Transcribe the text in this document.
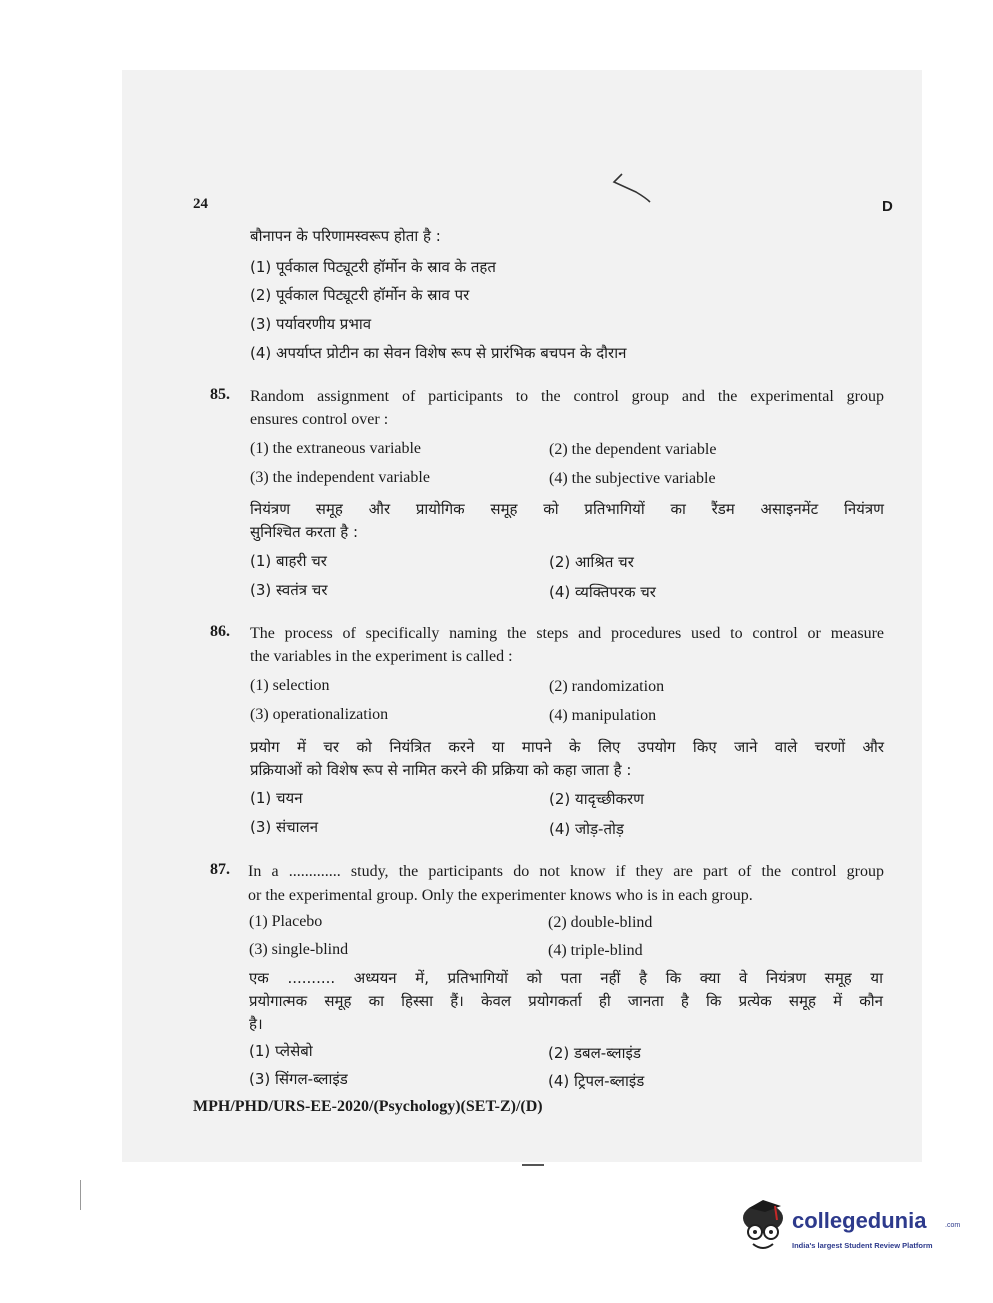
24	D
बौनापन के परिणामस्वरूप होता है :
(1) पूर्वकाल पिट्यूटरी हॉर्मोन के स्राव के तहत
(2) पूर्वकाल पिट्यूटरी हॉर्मोन के स्राव पर
(3) पर्यावरणीय प्रभाव
(4) अपर्याप्त प्रोटीन का सेवन विशेष रूप से प्रारंभिक बचपन के दौरान
85. Random assignment of participants to the control group and the experimental group
ensures control over :
(1) the extraneous variable	(2) the dependent variable
(3) the independent variable	(4) the subjective variable
नियंत्रण समूह और प्रायोगिक समूह को प्रतिभागियों का रैंडम असाइनमेंट नियंत्रण
सुनिश्चित करता है :
(1) बाहरी चर	(2) आश्रित चर
(3) स्वतंत्र चर	(4) व्यक्तिपरक चर
86. The process of specifically naming the steps and procedures used to control or measure
the variables in the experiment is called :
(1) selection	(2) randomization
(3) operationalization	(4) manipulation
प्रयोग में चर को नियंत्रित करने या मापने के लिए उपयोग किए जाने वाले चरणों और
प्रक्रियाओं को विशेष रूप से नामित करने की प्रक्रिया को कहा जाता है :
(1) चयन	(2) यादृच्छीकरण
(3) संचालन	(4) जोड़-तोड़
87. In a ............. study, the participants do not know if they are part of the control group
or the experimental group. Only the experimenter knows who is in each group.
(1) Placebo	(2) double-blind
(3) single-blind	(4) triple-blind
एक .......... अध्ययन में, प्रतिभागियों को पता नहीं है कि क्या वे नियंत्रण समूह या
प्रयोगात्मक समूह का हिस्सा हैं। केवल प्रयोगकर्ता ही जानता है कि प्रत्येक समूह में कौन
है।
(1) प्लेसेबो	(2) डबल-ब्लाइंड
(3) सिंगल-ब्लाइंड	(4) ट्रिपल-ब्लाइंड
MPH/PHD/URS-EE-2020/(Psychology)(SET-Z)/(D)
collegedunia	.com
India's largest Student Review Platform
